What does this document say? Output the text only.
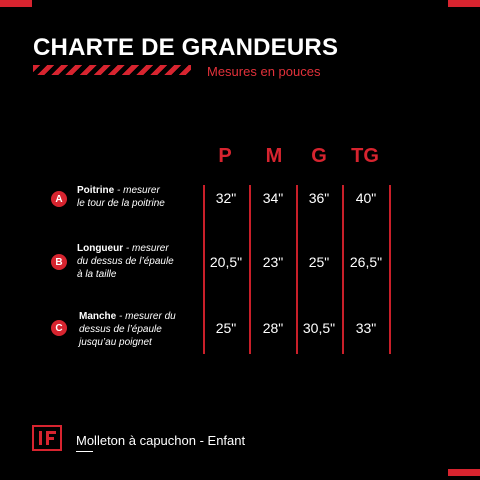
CHARTE DE GRANDEURS
Mesures en pouces
P	M	G	TG
A
Poitrine - mesurer
le tour de la poitrine	32"	34"	36"	40"
B
Longueur - mesurer
du dessus de l’épaule
à la taille
20,5"	23"	25"	26,5"
C
Manche - mesurer du
dessus de l’épaule
jusqu’au poignet
25"	28"	30,5"	33"
Molleton à capuchon - Enfant
